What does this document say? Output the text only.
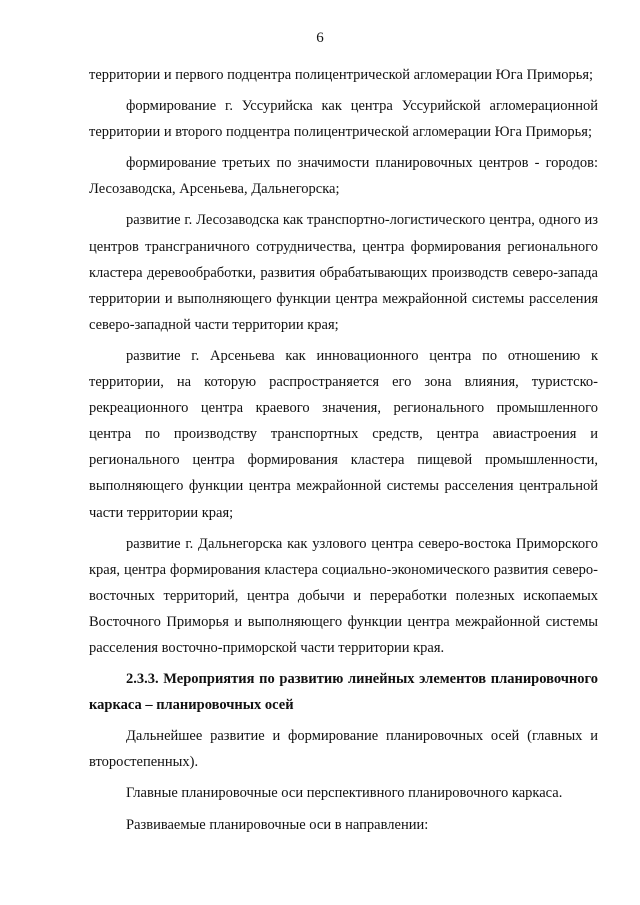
6

территории и первого подцентра полицентрической агломерации Юга Приморья;

формирование г. Уссурийска как центра Уссурийской агломерационной территории и второго подцентра полицентрической агломерации Юга Приморья;

формирование третьих по значимости планировочных центров - городов: Лесозаводска, Арсеньева, Дальнегорска;

развитие г. Лесозаводска как транспортно-логистического центра, одного из центров трансграничного сотрудничества, центра формирования регионального кластера деревообработки, развития обрабатывающих производств северо-запада территории и выполняющего функции центра межрайонной системы расселения северо-западной части территории края;

развитие г. Арсеньева как инновационного центра по отношению к территории, на которую распространяется его зона влияния, туристско-рекреационного центра краевого значения, регионального промышленного центра по производству транспортных средств, центра авиастроения и регионального центра формирования кластера пищевой промышленности, выполняющего функции центра межрайонной системы расселения центральной части территории края;

развитие г. Дальнегорска как узлового центра северо-востока Приморского края, центра формирования кластера социально-экономического развития северо-восточных территорий, центра добычи и переработки полезных ископаемых Восточного Приморья и выполняющего функции центра межрайонной системы расселения восточно-приморской части территории края.

2.3.3. Мероприятия по развитию линейных элементов планировочного каркаса – планировочных осей

Дальнейшее развитие и формирование планировочных осей (главных и второстепенных).

Главные планировочные оси перспективного планировочного каркаса.

Развиваемые планировочные оси в направлении:
